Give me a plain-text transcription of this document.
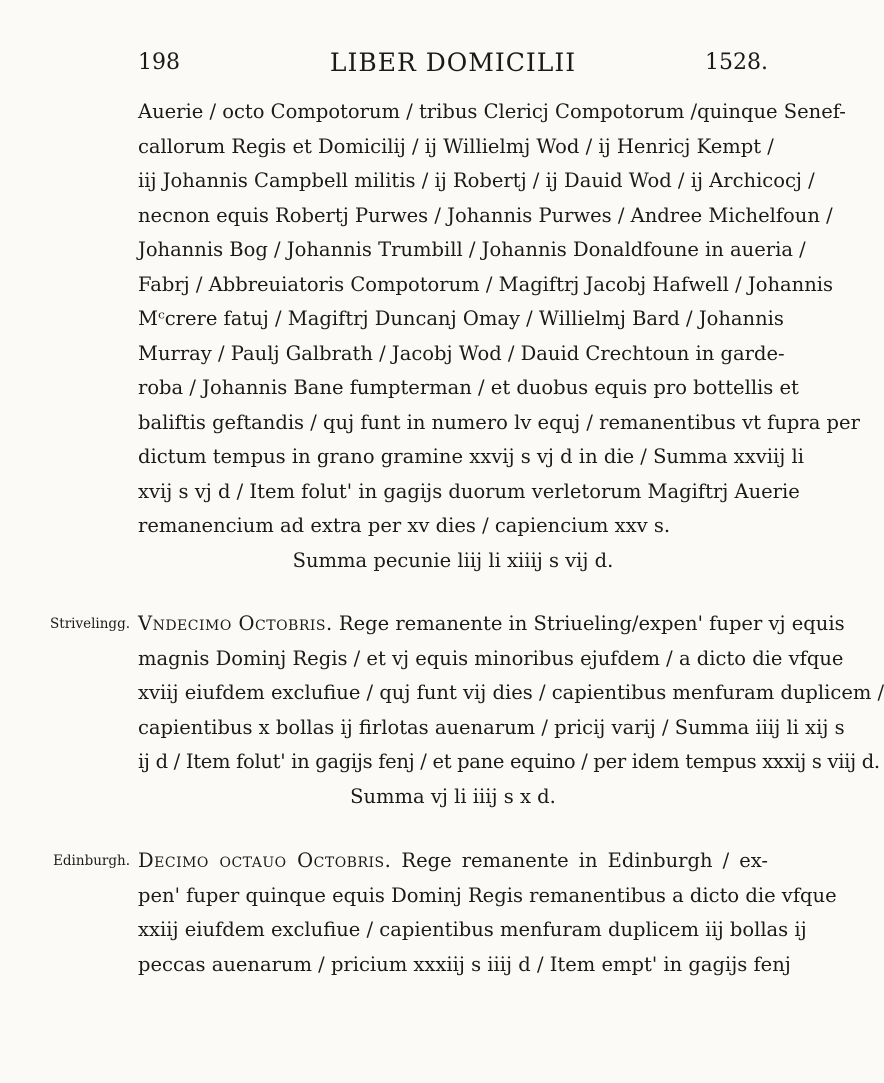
198	LIBER DOMICILII	1528.
Auerie / octo Compotorum / tribus Clericj Compotorum /quinque Senef-
callorum Regis et Domicilij / ij Willielmj Wod / ij Henricj Kempt /
iij Johannis Campbell militis / ij Robertj / ij Dauid Wod / ij Archicocj /
necnon equis Robertj Purwes / Johannis Purwes / Andree Michelfoun /
Johannis Bog / Johannis Trumbill / Johannis Donaldfoune in aueria /
Fabrj / Abbreuiatoris Compotorum / Magiftrj Jacobj Hafwell / Johannis
Mᶜcrere fatuj / Magiftrj Duncanj Omay / Willielmj Bard / Johannis
Murray / Paulj Galbrath / Jacobj Wod / Dauid Crechtoun in garde-
roba / Johannis Bane fumpterman / et duobus equis pro bottellis et
baliftis geftandis / quj funt in numero lv equj / remanentibus vt fupra per
dictum tempus in grano gramine xxvij s vj d in die / Summa xxviij li
xvij s vj d / Item folut' in gagijs duorum verletorum Magiftrj Auerie
remanencium ad extra per xv dies / capiencium xxv s.
Summa pecunie liij li xiiij s vij d.
Strivelingg. Vndecimo Octobris. Rege remanente in Striueling/expen' fuper vj equis
magnis Dominj Regis / et vj equis minoribus ejufdem / a dicto die vfque
xviij eiufdem exclufiue / quj funt vij dies / capientibus menfuram duplicem /
capientibus x bollas ij firlotas auenarum / pricij varij / Summa iiij li xij s
ij d / Item folut' in gagijs fenj / et pane equino / per idem tempus xxxij s viij d.
Summa vj li iiij s x d.
Edinburgh. Decimo octauo Octobris. Rege remanente in Edinburgh / ex-
pen' fuper quinque equis Dominj Regis remanentibus a dicto die vfque
xxiij eiufdem exclufiue / capientibus menfuram duplicem iij bollas ij
peccas auenarum / pricium xxxiij s iiij d / Item empt' in gagijs fenj
